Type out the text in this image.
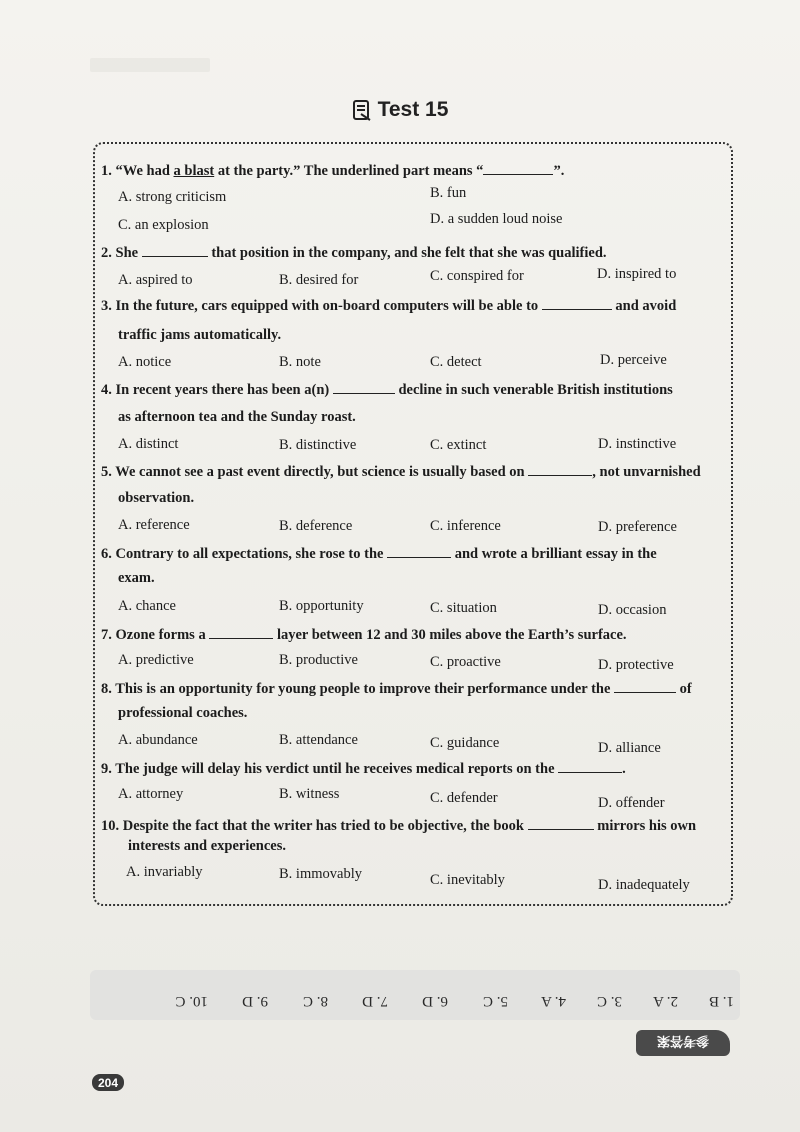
Test 15
1. “We had a blast at the party.” The underlined part means “	”.
A. strong criticism	B. fun
C. an explosion	D. a sudden loud noise
2. She	that position in the company, and she felt that she was qualified.
A. aspired to	B. desired for	C. conspired for	D. inspired to
3. In the future, cars equipped with on-board computers will be able to	and avoid
traffic jams automatically.
A. notice	B. note	C. detect	D. perceive
4. In recent years there has been a(n)	decline in such venerable British institutions
as afternoon tea and the Sunday roast.
A. distinct	B. distinctive	C. extinct	D. instinctive
5. We cannot see a past event directly, but science is usually based on	, not unvarnished
observation.
A. reference	B. deference	C. inference	D. preference
6. Contrary to all expectations, she rose to the	and wrote a brilliant essay in the
exam.
A. chance	B. opportunity	C. situation	D. occasion
7. Ozone forms a	layer between 12 and 30 miles above the Earth’s surface.
A. predictive	B. productive	C. proactive	D. protective
8. This is an opportunity for young people to improve their performance under the	of
professional coaches.
A. abundance	B. attendance	C. guidance	D. alliance
9. The judge will delay his verdict until he receives medical reports on the	.
A. attorney	B. witness	C. defender	D. offender
10. Despite the fact that the writer has tried to be objective, the book	mirrors his own
interests and experiences.
A. invariably	B. immovably	C. inevitably	D. inadequately
1. B
2. A
3. C
4. A
5. C
6. D
7. D
8. C
9. D
10. C
参考答案
204
